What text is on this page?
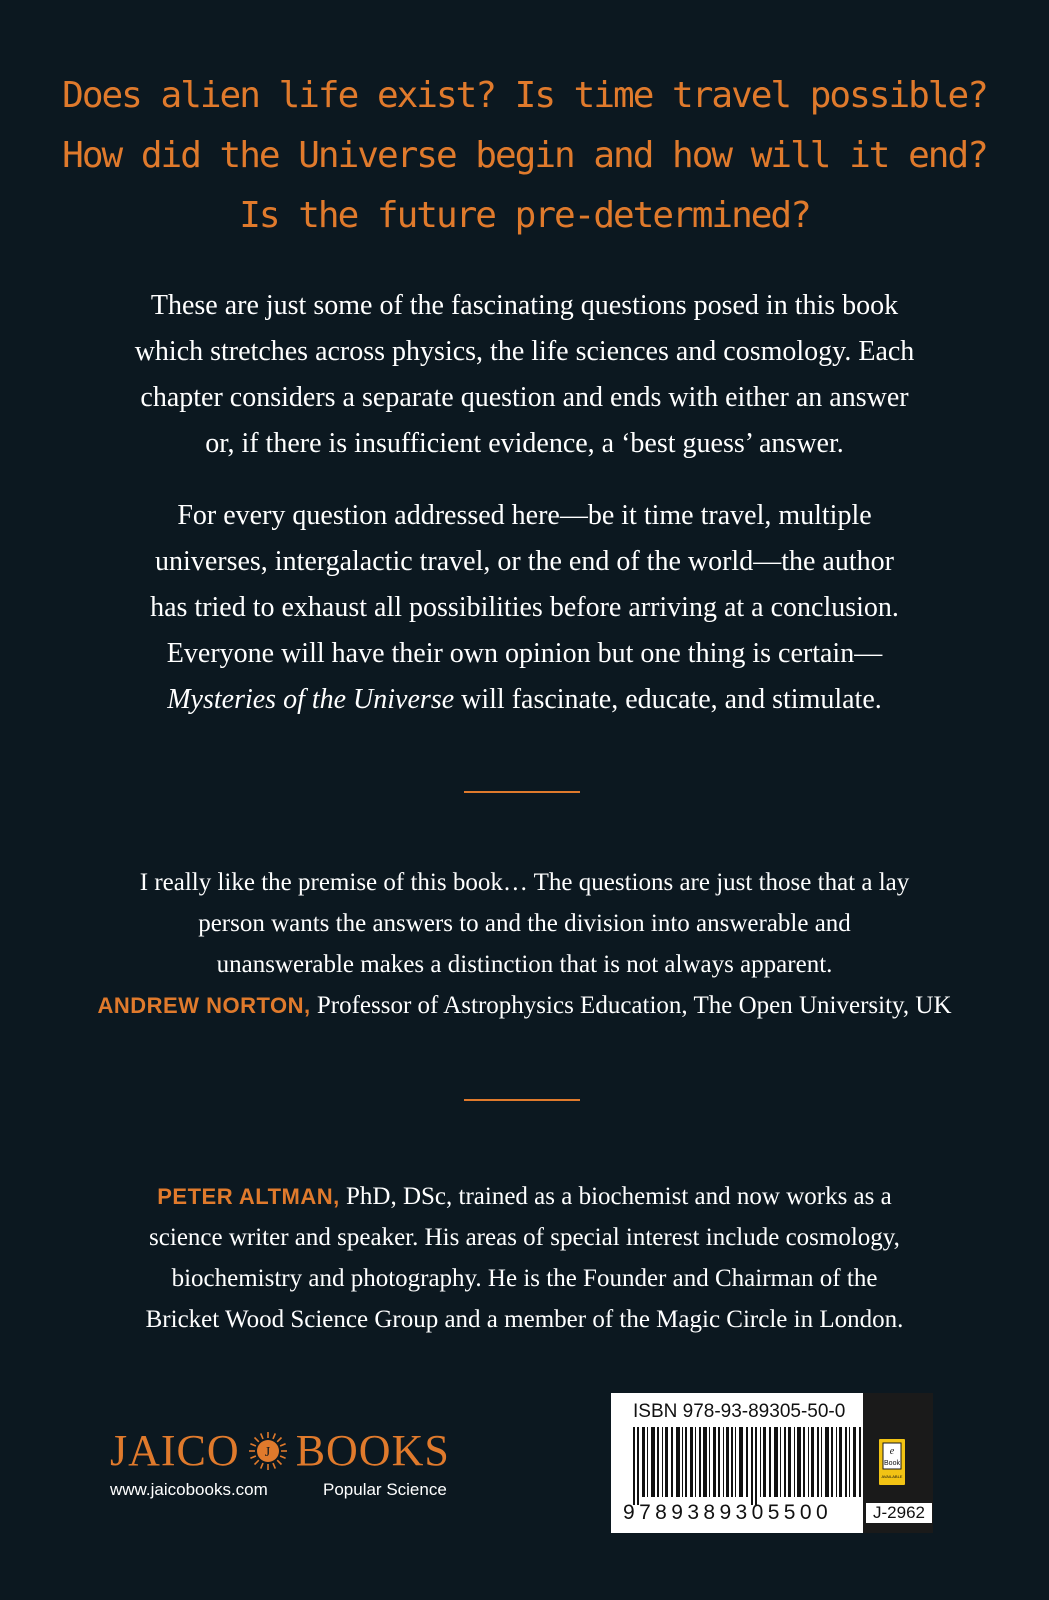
Does alien life exist? Is time travel possible?
How did the Universe begin and how will it end?
Is the future pre-determined?
These are just some of the fascinating questions posed in this book
which stretches across physics, the life sciences and cosmology. Each
chapter considers a separate question and ends with either an answer
or, if there is insufficient evidence, a ‘best guess’ answer.
For every question addressed here—be it time travel, multiple
universes, intergalactic travel, or the end of the world—the author
has tried to exhaust all possibilities before arriving at a conclusion.
Everyone will have their own opinion but one thing is certain—
Mysteries of the Universe will fascinate, educate, and stimulate.
I really like the premise of this book… The questions are just those that a lay
person wants the answers to and the division into answerable and
unanswerable makes a distinction that is not always apparent.
ANDREW NORTON, Professor of Astrophysics Education, The Open University, UK
PETER ALTMAN, PhD, DSc, trained as a biochemist and now works as a
science writer and speaker. His areas of special interest include cosmology,
biochemistry and photography. He is the Founder and Chairman of the
Bricket Wood Science Group and a member of the Magic Circle in London.
JAICO J BOOKS
www.jaicobooks.com	Popular Science
ISBN 978-93-89305-50-0
9789389305500
e
Book
AVAILABLE
J-2962
